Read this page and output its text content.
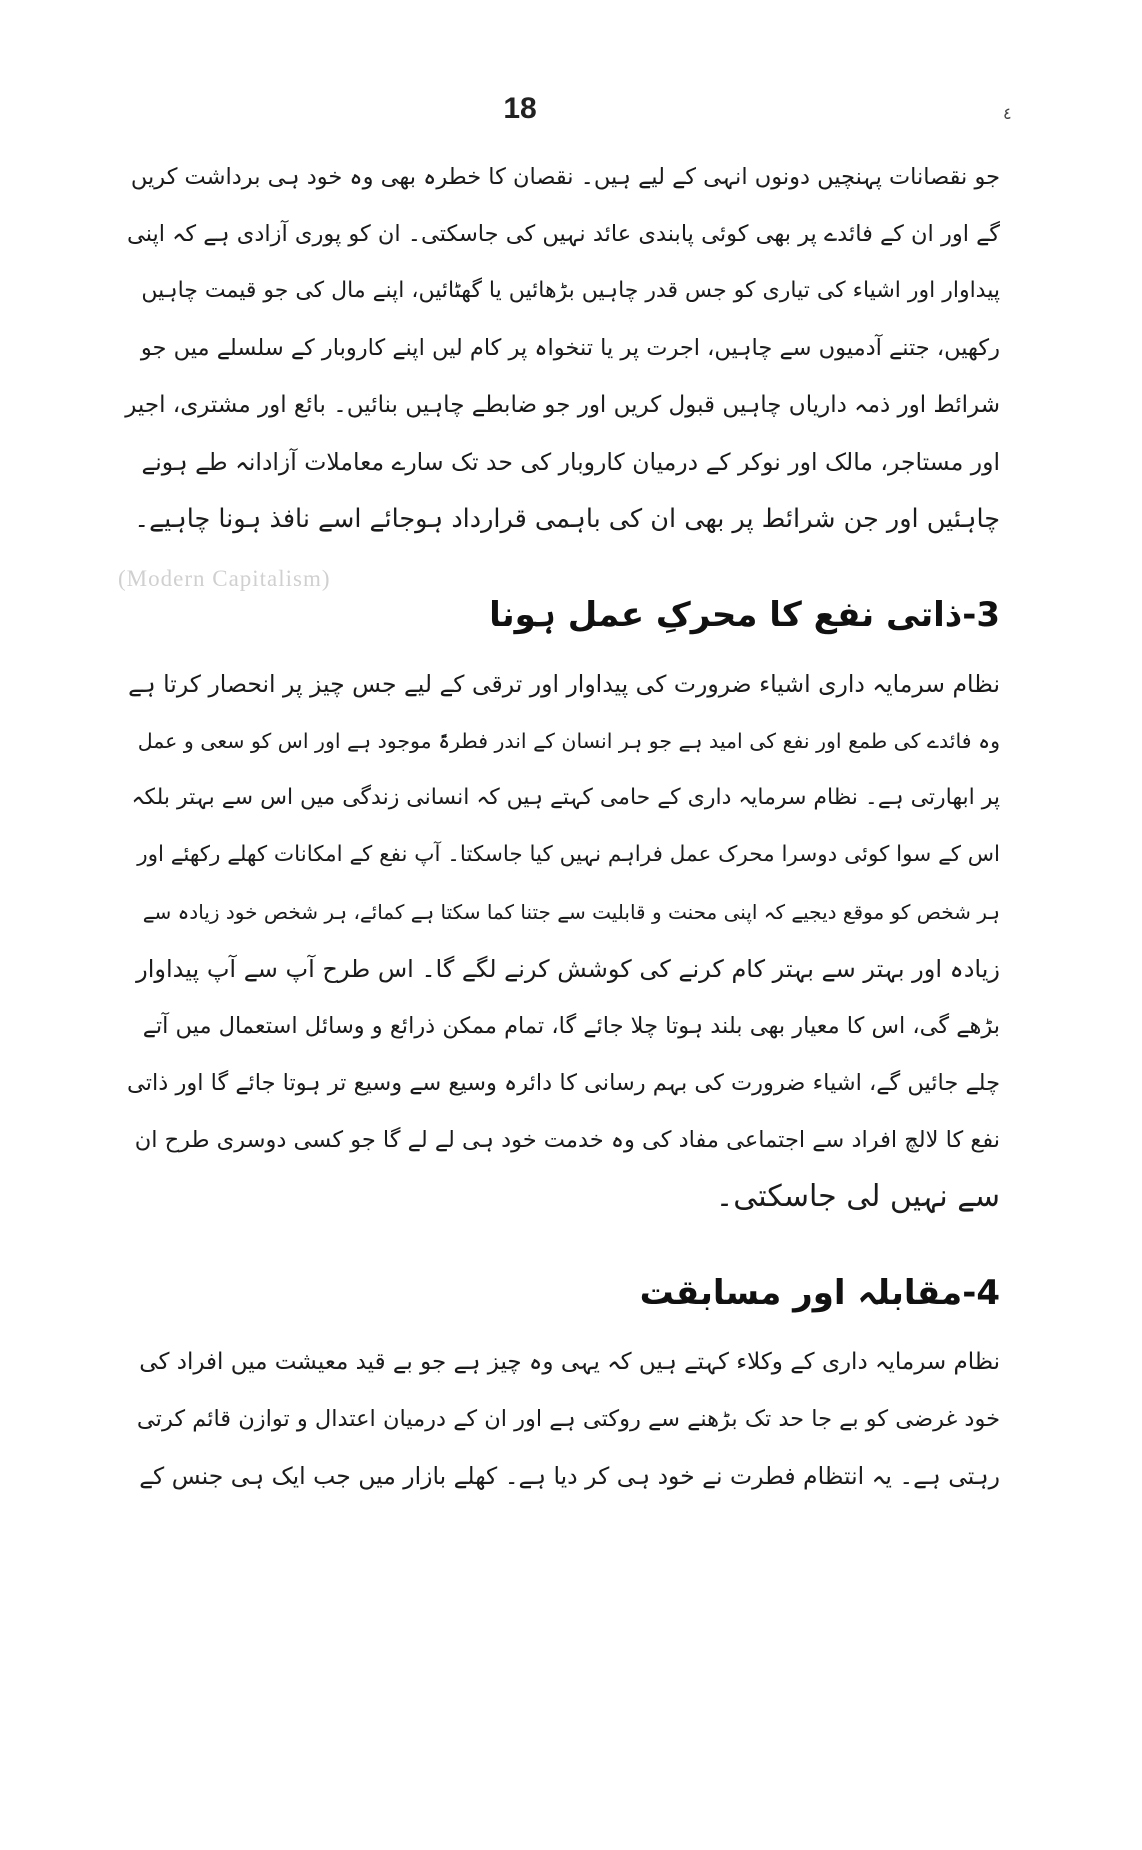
18	٤
(Modern Capitalism)
جو نقصانات پہنچیں دونوں انہی کے لیے ہیں۔ نقصان کا خطرہ بھی وہ خود ہی برداشت کریں
گے اور ان کے فائدے پر بھی کوئی پابندی عائد نہیں کی جاسکتی۔ ان کو پوری آزادی ہے کہ اپنی
پیداوار اور اشیاء کی تیاری کو جس قدر چاہیں بڑھائیں یا گھٹائیں، اپنے مال کی جو قیمت چاہیں
رکھیں، جتنے آدمیوں سے چاہیں، اجرت پر یا تنخواہ پر کام لیں اپنے کاروبار کے سلسلے میں جو
شرائط اور ذمہ داریاں چاہیں قبول کریں اور جو ضابطے چاہیں بنائیں۔ بائع اور مشتری، اجیر
اور مستاجر، مالک اور نوکر کے درمیان کاروبار کی حد تک سارے معاملات آزادانہ طے ہونے
چاہئیں اور جن شرائط پر بھی ان کی باہمی قرارداد ہوجائے اسے نافذ ہونا چاہیے۔
3-ذاتی نفع کا محرکِ عمل ہونا
نظام سرمایہ داری اشیاء ضرورت کی پیداوار اور ترقی کے لیے جس چیز پر انحصار کرتا ہے
وہ فائدے کی طمع اور نفع کی امید ہے جو ہر انسان کے اندر فطرۃً موجود ہے اور اس کو سعی و عمل
پر ابھارتی ہے۔ نظام سرمایہ داری کے حامی کہتے ہیں کہ انسانی زندگی میں اس سے بہتر بلکہ
اس کے سوا کوئی دوسرا محرک عمل فراہم نہیں کیا جاسکتا۔ آپ نفع کے امکانات کھلے رکھئے اور
ہر شخص کو موقع دیجیے کہ اپنی محنت و قابلیت سے جتنا کما سکتا ہے کمائے، ہر شخص خود زیادہ سے
زیادہ اور بہتر سے بہتر کام کرنے کی کوشش کرنے لگے گا۔ اس طرح آپ سے آپ پیداوار
بڑھے گی، اس کا معیار بھی بلند ہوتا چلا جائے گا، تمام ممکن ذرائع و وسائل استعمال میں آتے
چلے جائیں گے، اشیاء ضرورت کی بہم رسانی کا دائرہ وسیع سے وسیع تر ہوتا جائے گا اور ذاتی
نفع کا لالچ افراد سے اجتماعی مفاد کی وہ خدمت خود ہی لے لے گا جو کسی دوسری طرح ان
سے نہیں لی جاسکتی۔
4-مقابلہ اور مسابقت
نظام سرمایہ داری کے وکلاء کہتے ہیں کہ یہی وہ چیز ہے جو بے قید معیشت میں افراد کی
خود غرضی کو بے جا حد تک بڑھنے سے روکتی ہے اور ان کے درمیان اعتدال و توازن قائم کرتی
رہتی ہے۔ یہ انتظام فطرت نے خود ہی کر دیا ہے۔ کھلے بازار میں جب ایک ہی جنس کے
